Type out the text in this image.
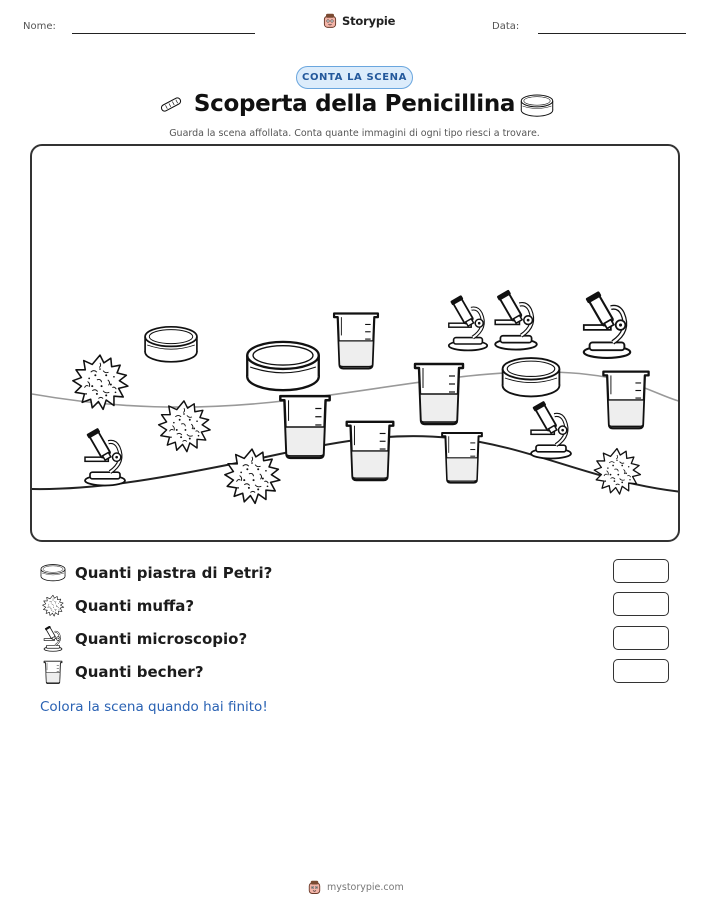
Nome:	Storypie	Data:
CONTA LA SCENA
Scoperta della Penicillina
Guarda la scena affollata. Conta quante immagini di ogni tipo riesci a trovare.
Quanti piastra di Petri?
Quanti muffa?
Quanti microscopio?
Quanti becher?
Colora la scena quando hai finito!
mystorypie.com
